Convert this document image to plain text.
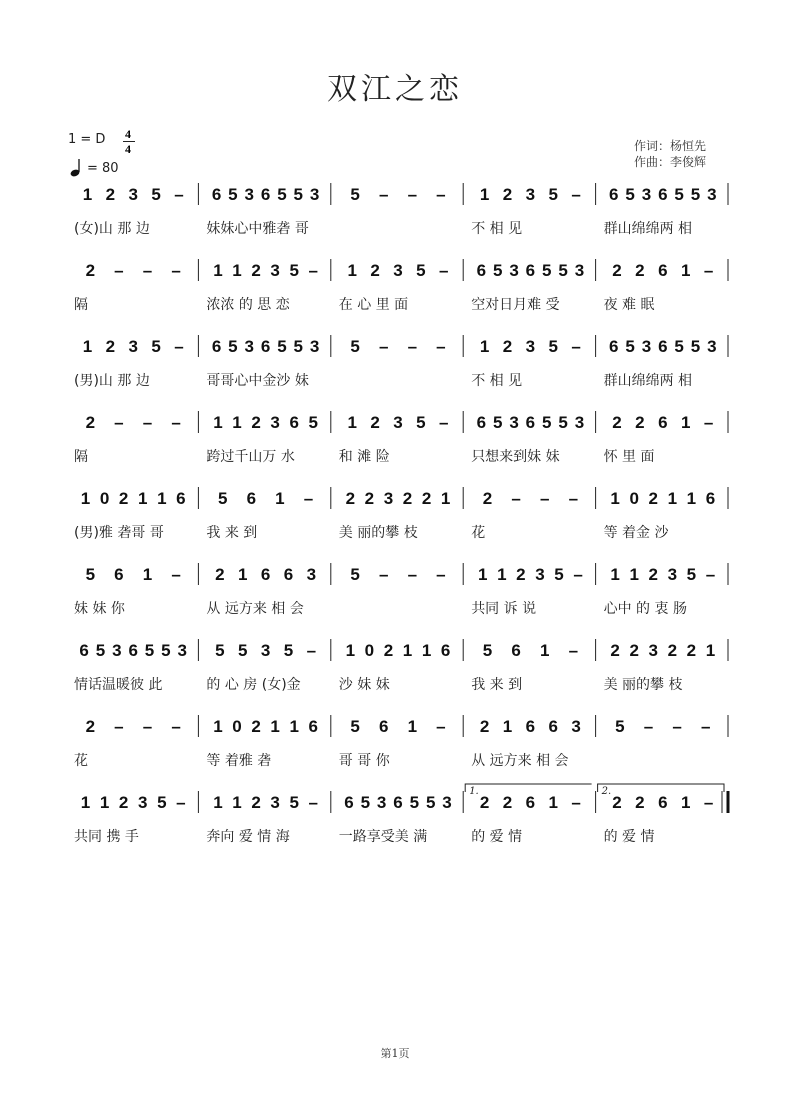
双江之恋
1 = D 4
4
= 80
作词：杨恒先
作曲：李俊辉
1 2 3 5 –
(女)山 那 边
6 5 3 6 5 5 3
妹妹心中雅砻 哥
5 – – – 1 2 3 5 –
不 相 见
6 5 3 6 5 5 3
群山绵绵两 相
2 – – –
隔
1 1 2 3 5 –
浓浓 的 思 恋
1 2 3 5 –
在 心 里 面
6 5 3 6 5 5 3
空对日月难 受
2 2 6 1 –
夜 难 眠
1 2 3 5 –
(男)山 那 边
6 5 3 6 5 5 3
哥哥心中金沙 妹
5 – – – 1 2 3 5 –
不 相 见
6 5 3 6 5 5 3
群山绵绵两 相
2 – – –
隔
1 1 2 3 6 5
跨过千山万 水
1 2 3 5 –
和 滩 险
6 5 3 6 5 5 3
只想来到妹 妹
2 2 6 1 –
怀 里 面
1 0 2 1 1 6
(男)雅 砻哥 哥
5 6 1 –
我 来 到
2 2 3 2 2 1
美 丽的攀 枝
2 – – –
花
1 0 2 1 1 6
等 着金 沙
5 6 1 –
妹 妹 你
2 1 6 6 3
从 远方来 相 会
5 – – – 1 1 2 3 5 –
共同 诉 说
1 1 2 3 5 –
心中 的 衷 肠
6 5 3 6 5 5 3
情话温暖彼 此
5 5 3 5 –
的 心 房 (女)金
1 0 2 1 1 6
沙 妹 妹
5 6 1 –
我 来 到
2 2 3 2 2 1
美 丽的攀 枝
2 – – –
花
1 0 2 1 1 6
等 着雅 砻
5 6 1 –
哥 哥 你
2 1 6 6 3
从 远方来 相 会
5 – – –
1 1 2 3 5 –
共同 携 手
1 1 2 3 5 –
奔向 爱 情 海
6 5 3 6 5 5 3
一路享受美 满
2 2 6 1 –
的 爱 情
2 2 6 1 –
的 爱 情
1.	2.
第1页
